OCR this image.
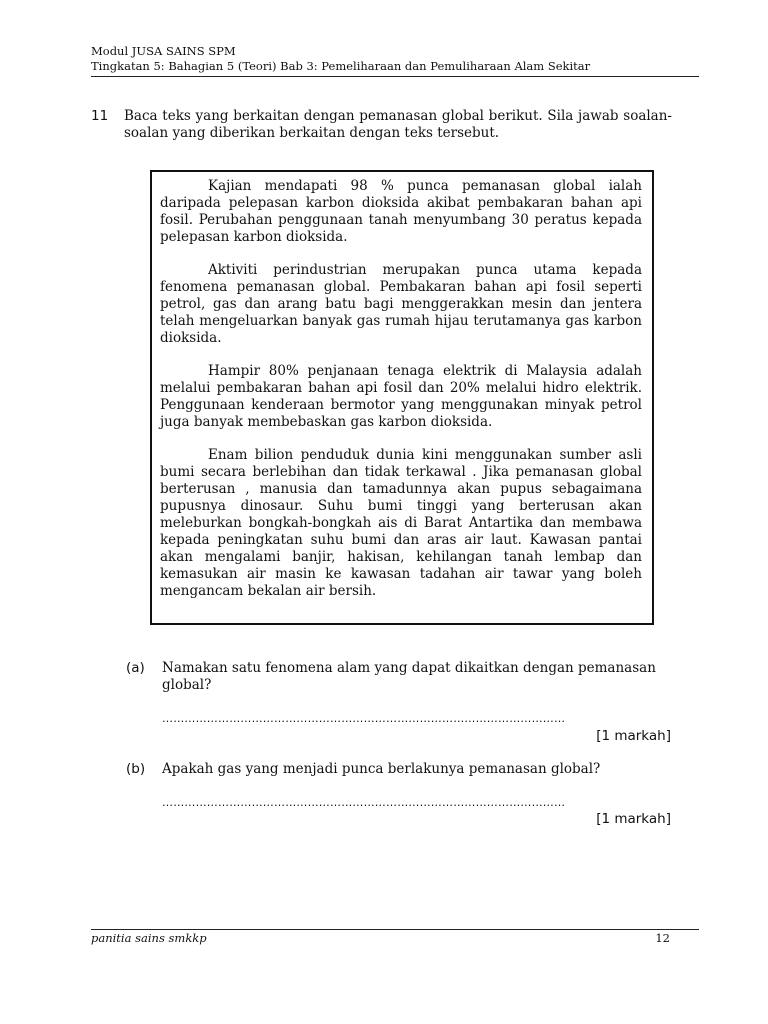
Modul JUSA SAINS SPM
Tingkatan 5: Bahagian 5 (Teori) Bab 3: Pemeliharaan dan Pemuliharaan Alam Sekitar
11 Baca teks yang berkaitan dengan pemanasan global berikut. Sila jawab soalan-soalan yang diberikan berkaitan dengan teks tersebut.

Kajian mendapati 98 % punca pemanasan global ialah daripada pelepasan karbon dioksida akibat pembakaran bahan api fosil. Perubahan penggunaan tanah menyumbang 30 peratus kepada pelepasan karbon dioksida.

Aktiviti perindustrian merupakan punca utama kepada fenomena pemanasan global. Pembakaran bahan api fosil seperti petrol, gas dan arang batu bagi menggerakkan mesin dan jentera telah mengeluarkan banyak gas rumah hijau terutamanya gas karbon dioksida.

Hampir 80% penjanaan tenaga elektrik di Malaysia adalah melalui pembakaran bahan api fosil dan 20% melalui hidro elektrik. Penggunaan kenderaan bermotor yang menggunakan minyak petrol juga banyak membebaskan gas karbon dioksida.

Enam bilion penduduk dunia kini menggunakan sumber asli bumi secara berlebihan dan tidak terkawal . Jika pemanasan global berterusan , manusia dan tamadunnya akan pupus sebagaimana pupusnya dinosaur. Suhu bumi tinggi yang berterusan akan meleburkan bongkah-bongkah ais di Barat Antartika dan membawa kepada peningkatan suhu bumi dan aras air laut. Kawasan pantai akan mengalami banjir, hakisan, kehilangan tanah lembap dan kemasukan air masin ke kawasan tadahan air tawar yang boleh mengancam bekalan air bersih.

(a) Namakan satu fenomena alam yang dapat dikaitkan dengan pemanasan global?
………………………………………………………………………………………………
[1 markah]
(b) Apakah gas yang menjadi punca berlakunya pemanasan global?
………………………………………………………………………………………………
[1 markah]
panitia sains smkkp	12
